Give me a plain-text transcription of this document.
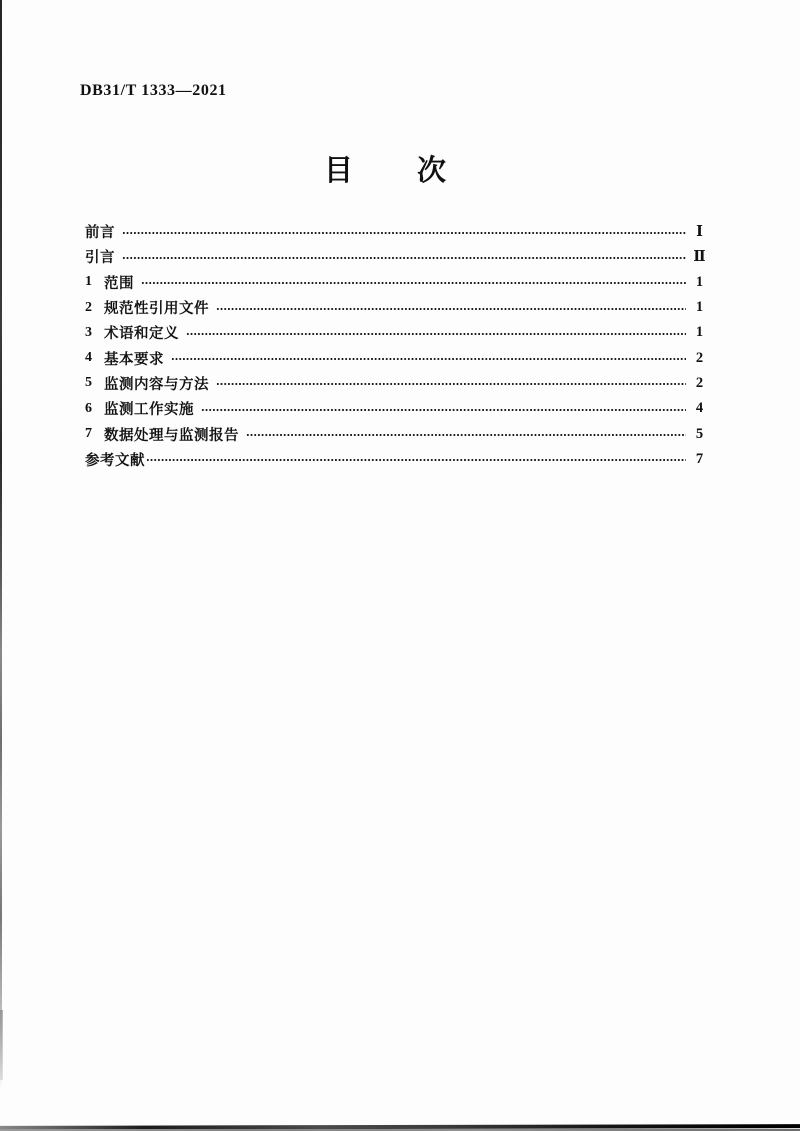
DB31/T 1333—2021
目　　次
前言	Ⅰ
引言	Ⅱ
1 范围	1
2 规范性引用文件	1
3 术语和定义	1
4 基本要求	2
5 监测内容与方法	2
6 监测工作实施	4
7 数据处理与监测报告	5
参考文献	7
